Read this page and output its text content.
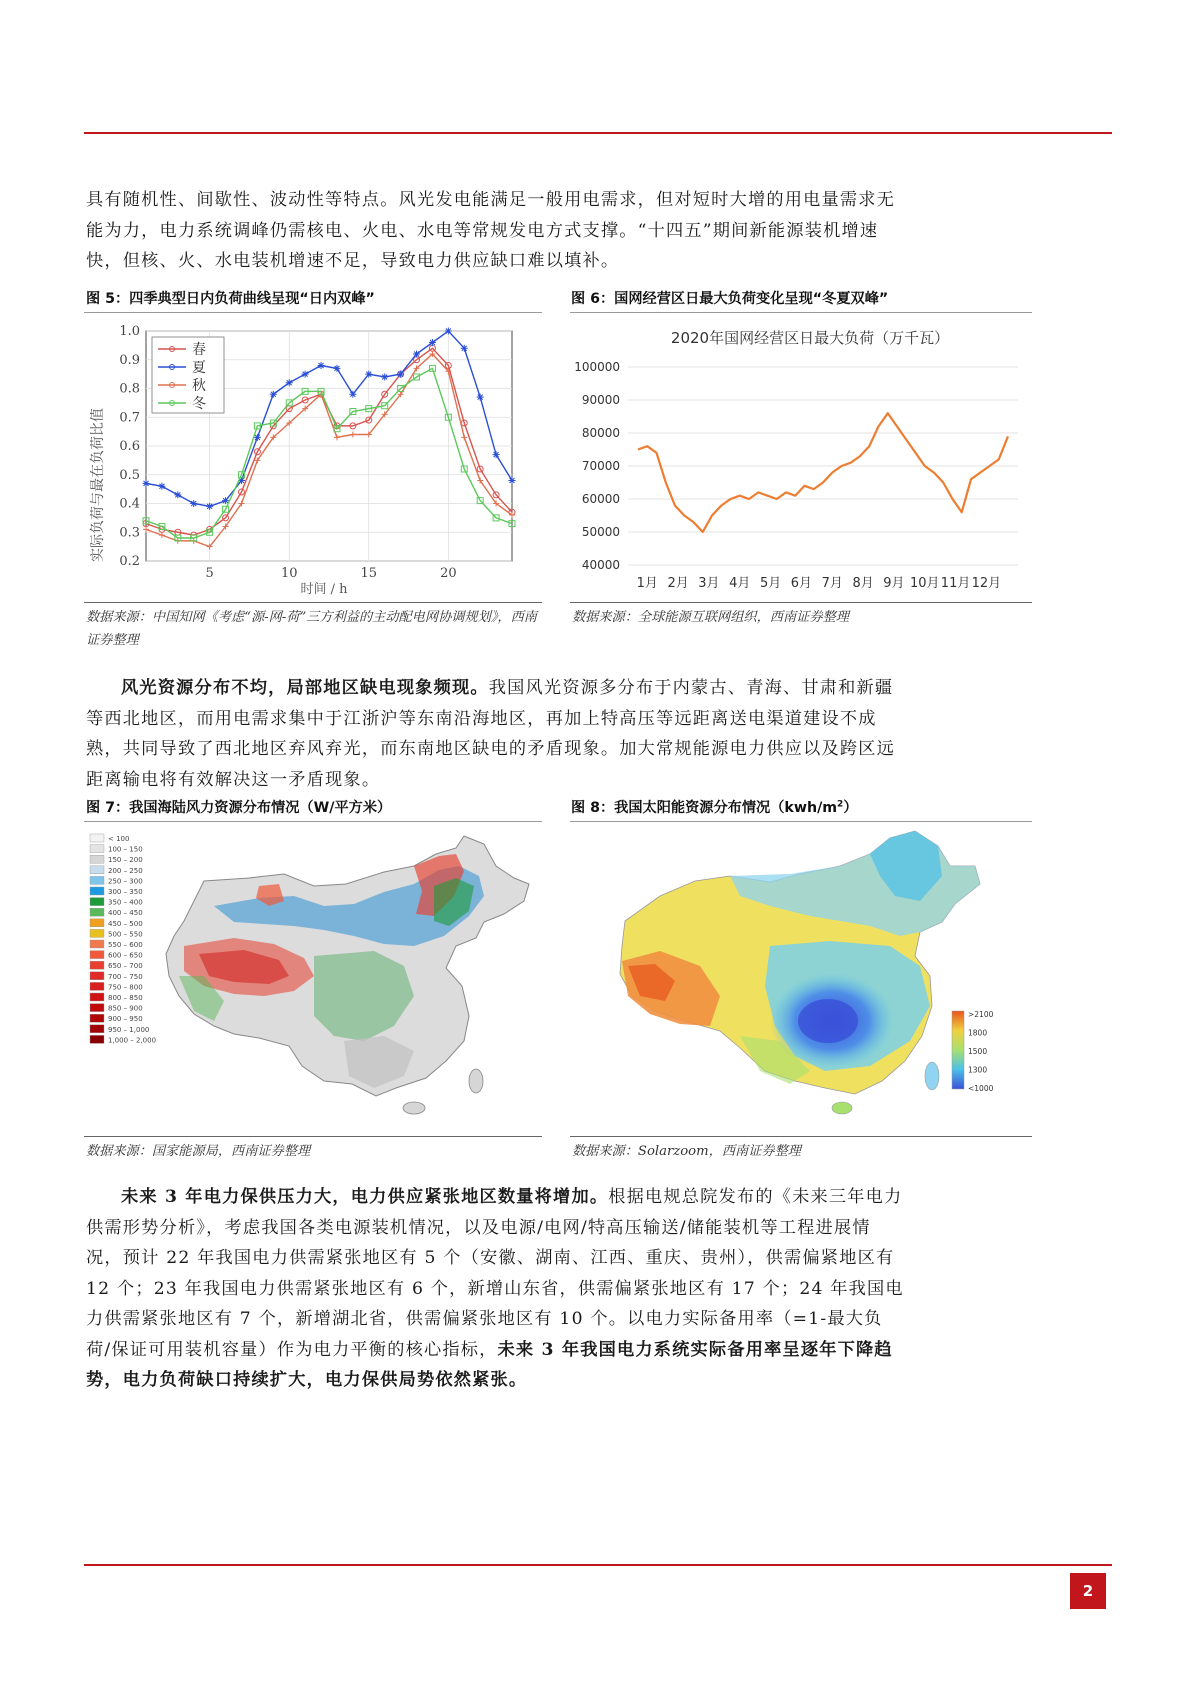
具有随机性、间歇性、波动性等特点。风光发电能满足一般用电需求，但对短时大增的用电量需求无能为力，电力系统调峰仍需核电、火电、水电等常规发电方式支撑。“十四五”期间新能源装机增速快，但核、火、水电装机增速不足，导致电力供应缺口难以填补。

图 5：四季典型日内负荷曲线呈现“日内双峰”
实际负荷与最在负荷比值 0.2
0.3
0.4
0.5
0.6
0.7
0.8
0.9
1.0
5	10	15	20
春
夏
秋
冬
时间 / h
数据来源：中国知网《考虑“源-网-荷”三方利益的主动配电网协调规划》，西南证券整理
图 6：国网经营区日最大负荷变化呈现“冬夏双峰”
2020年国网经营区日最大负荷（万千瓦）
100000
90000
80000
70000
60000
50000
40000
1月 2月 3月 4月 5月 6月 7月 8月 9月 10月 11月 12月
数据来源：全球能源互联网组织，西南证券整理

风光资源分布不均，局部地区缺电现象频现。我国风光资源多分布于内蒙古、青海、甘肃和新疆等西北地区，而用电需求集中于江浙沪等东南沿海地区，再加上特高压等远距离送电渠道建设不成熟，共同导致了西北地区弃风弃光，而东南地区缺电的矛盾现象。加大常规能源电力供应以及跨区远距离输电将有效解决这一矛盾现象。

图 7：我国海陆风力资源分布情况（W/平方米）
< 100
100 – 150
150 – 200
200 – 250
250 – 300
300 – 350
350 – 400
400 – 450
450 – 500
500 – 550
550 – 600
600 – 650
650 – 700
700 – 750
750 – 800
800 – 850
850 – 900
900 – 950
950 – 1,000
1,000 – 2,000
数据来源：国家能源局，西南证券整理
图 8：我国太阳能资源分布情况$(kwh/m^2)$
>2100
1800
1500
1300
<1000
数据来源：Solarzoom，西南证券整理

未来 3 年电力保供压力大，电力供应紧张地区数量将增加。根据电规总院发布的《未来三年电力供需形势分析》，考虑我国各类电源装机情况，以及电源/电网/特高压输送/储能装机等工程进展情况，预计 22 年我国电力供需紧张地区有 5 个（安徽、湖南、江西、重庆、贵州），供需偏紧地区有 12 个；23 年我国电力供需紧张地区有 6 个，新增山东省，供需偏紧张地区有 17 个；24 年我国电力供需紧张地区有 7 个，新增湖北省，供需偏紧张地区有 10 个。以电力实际备用率（=1-最大负荷/保证可用装机容量）作为电力平衡的核心指标，未来 3 年我国电力系统实际备用率呈逐年下降趋势，电力负荷缺口持续扩大，电力保供局势依然紧张。

2
